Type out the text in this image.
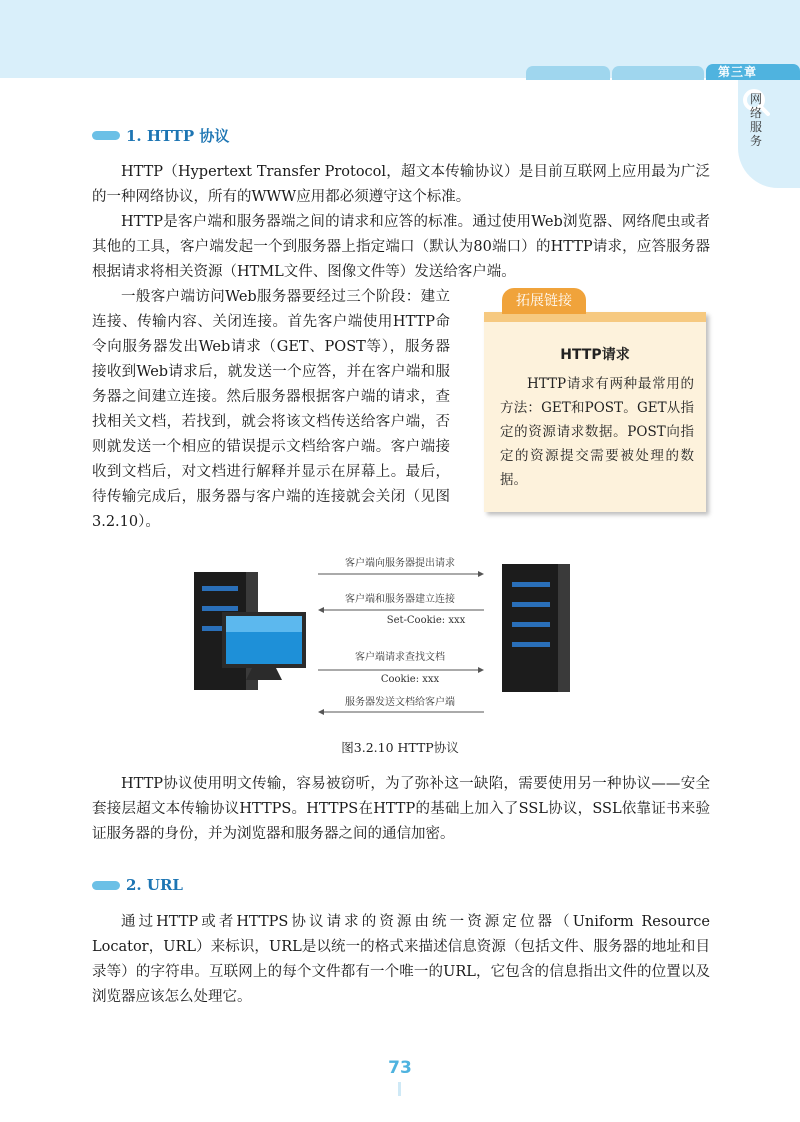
第三章
网络服务
1. HTTP 协议

HTTP（Hypertext Transfer Protocol，超文本传输协议）是目前互联网上应用最为广泛的一种网络协议，所有的WWW应用都必须遵守这个标准。

HTTP是客户端和服务器端之间的请求和应答的标准。通过使用Web浏览器、网络爬虫或者其他的工具，客户端发起一个到服务器上指定端口（默认为80端口）的HTTP请求，应答服务器根据请求将相关资源（HTML文件、图像文件等）发送给客户端。

一般客户端访问Web服务器要经过三个阶段：建立连接、传输内容、关闭连接。首先客户端使用HTTP命令向服务器发出Web请求（GET、POST等），服务器接收到Web请求后，就发送一个应答，并在客户端和服务器之间建立连接。然后服务器根据客户端的请求，查找相关文档，若找到，就会将该文档传送给客户端，否则就发送一个相应的错误提示文档给客户端。客户端接收到文档后，对文档进行解释并显示在屏幕上。最后，待传输完成后，服务器与客户端的连接就会关闭（见图3.2.10）。

拓展链接
HTTP请求

HTTP请求有两种最常用的方法：GET和POST。GET从指定的资源请求数据。POST向指定的资源提交需要被处理的数据。

客户端向服务器提出请求
客户端和服务器建立连接
Set-Cookie: xxx
客户端请求查找文档
Cookie: xxx
服务器发送文档给客户端
图3.2.10 HTTP协议

HTTP协议使用明文传输，容易被窃听，为了弥补这一缺陷，需要使用另一种协议——安全套接层超文本传输协议HTTPS。HTTPS在HTTP的基础上加入了SSL协议，SSL依靠证书来验证服务器的身份，并为浏览器和服务器之间的通信加密。

2. URL

通过HTTP或者HTTPS协议请求的资源由统一资源定位器（Uniform Resource Locator，URL）来标识，URL是以统一的格式来描述信息资源（包括文件、服务器的地址和目录等）的字符串。互联网上的每个文件都有一个唯一的URL，它包含的信息指出文件的位置以及浏览器应该怎么处理它。

73
